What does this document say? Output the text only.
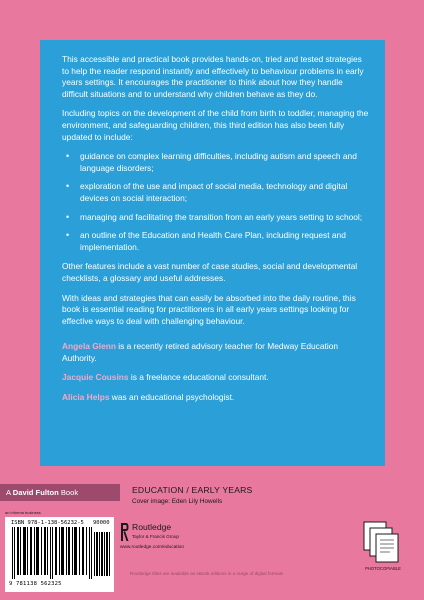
This accessible and practical book provides hands-on, tried and tested strategies to help the reader respond instantly and effectively to behaviour problems in early years settings. It encourages the practitioner to think about how they handle difficult situations and to understand why children behave as they do.

Including topics on the development of the child from birth to toddler, managing the environment, and safeguarding children, this third edition has also been fully updated to include:

• guidance on complex learning difficulties, including autism and speech and language disorders;
• exploration of the use and impact of social media, technology and digital devices on social interaction;
• managing and facilitating the transition from an early years setting to school;
• an outline of the Education and Health Care Plan, including request and implementation.

Other features include a vast number of case studies, social and developmental checklists, a glossary and useful addresses.

With ideas and strategies that can easily be absorbed into the daily routine, this book is essential reading for practitioners in all early years settings looking for effective ways to deal with challenging behaviour.

Angela Glenn is a recently retired advisory teacher for Medway Education Authority.

Jacquie Cousins is a freelance educational consultant.

Alicia Helps was an educational psychologist.

A David Fulton Book	EDUCATION / EARLY YEARS
Cover image: Eden Lily Howells
an informa business
ISBN 978-1-138-56232-5 90000
9 781138 562325
Routledge
Taylor & Francis Group
www.routledge.com/education
Routledge titles are available as eBook editions in a range of digital formats
PHOTOCOPIABLE
